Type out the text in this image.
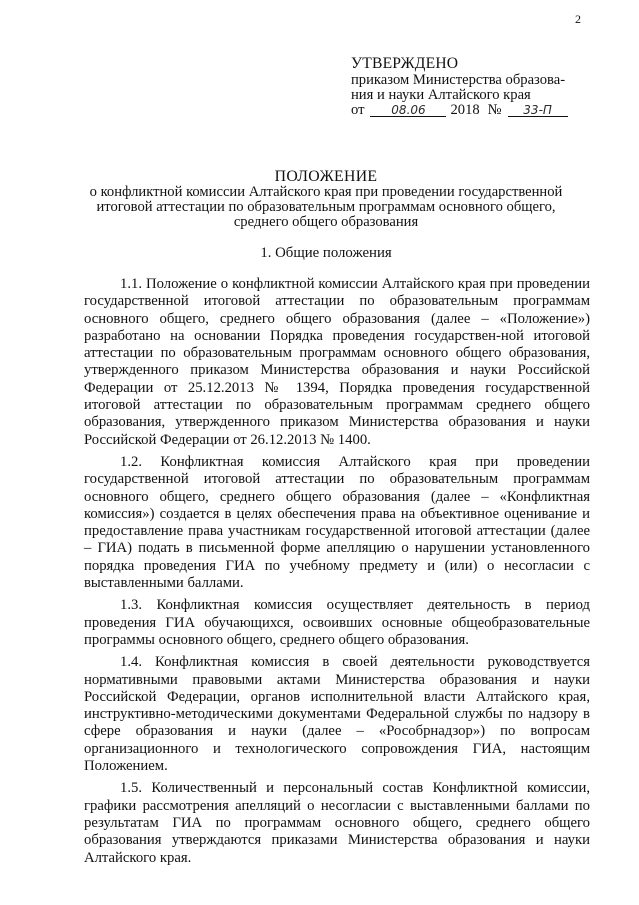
2
УТВЕРЖДЕНО
приказом Министерства образова-
ния и науки Алтайского края
от	08.06	2018 №	33-П
ПОЛОЖЕНИЕ
о конфликтной комиссии Алтайского края при проведении государственной
итоговой аттестации по образовательным программам основного общего,
среднего общего образования
1. Общие положения

1.1. Положение о конфликтной комиссии Алтайского края при проведении государственной итоговой аттестации по образовательным программам основного общего, среднего общего образования (далее – «Положение») разработано на основании Порядка проведения государствен-ной итоговой аттестации по образовательным программам основного общего образования, утвержденного приказом Министерства образования и науки Российской Федерации от 25.12.2013 № 1394, Порядка проведения государственной итоговой аттестации по образовательным программам среднего общего образования, утвержденного приказом Министерства образования и науки Российской Федерации от 26.12.2013 № 1400.

1.2. Конфликтная комиссия Алтайского края при проведении государственной итоговой аттестации по образовательным программам основного общего, среднего общего образования (далее – «Конфликтная комиссия») создается в целях обеспечения права на объективное оценивание и предоставление права участникам государственной итоговой аттестации (далее – ГИА) подать в письменной форме апелляцию о нарушении установленного порядка проведения ГИА по учебному предмету и (или) о несогласии с выставленными баллами.

1.3. Конфликтная комиссия осуществляет деятельность в период проведения ГИА обучающихся, освоивших основные общеобразовательные программы основного общего, среднего общего образования.

1.4. Конфликтная комиссия в своей деятельности руководствуется нормативными правовыми актами Министерства образования и науки Российской Федерации, органов исполнительной власти Алтайского края, инструктивно-методическими документами Федеральной службы по надзору в сфере образования и науки (далее – «Рособрнадзор») по вопросам организационного и технологического сопровождения ГИА, настоящим Положением.

1.5. Количественный и персональный состав Конфликтной комиссии, графики рассмотрения апелляций о несогласии с выставленными баллами по результатам ГИА по программам основного общего, среднего общего образования утверждаются приказами Министерства образования и науки Алтайского края.
